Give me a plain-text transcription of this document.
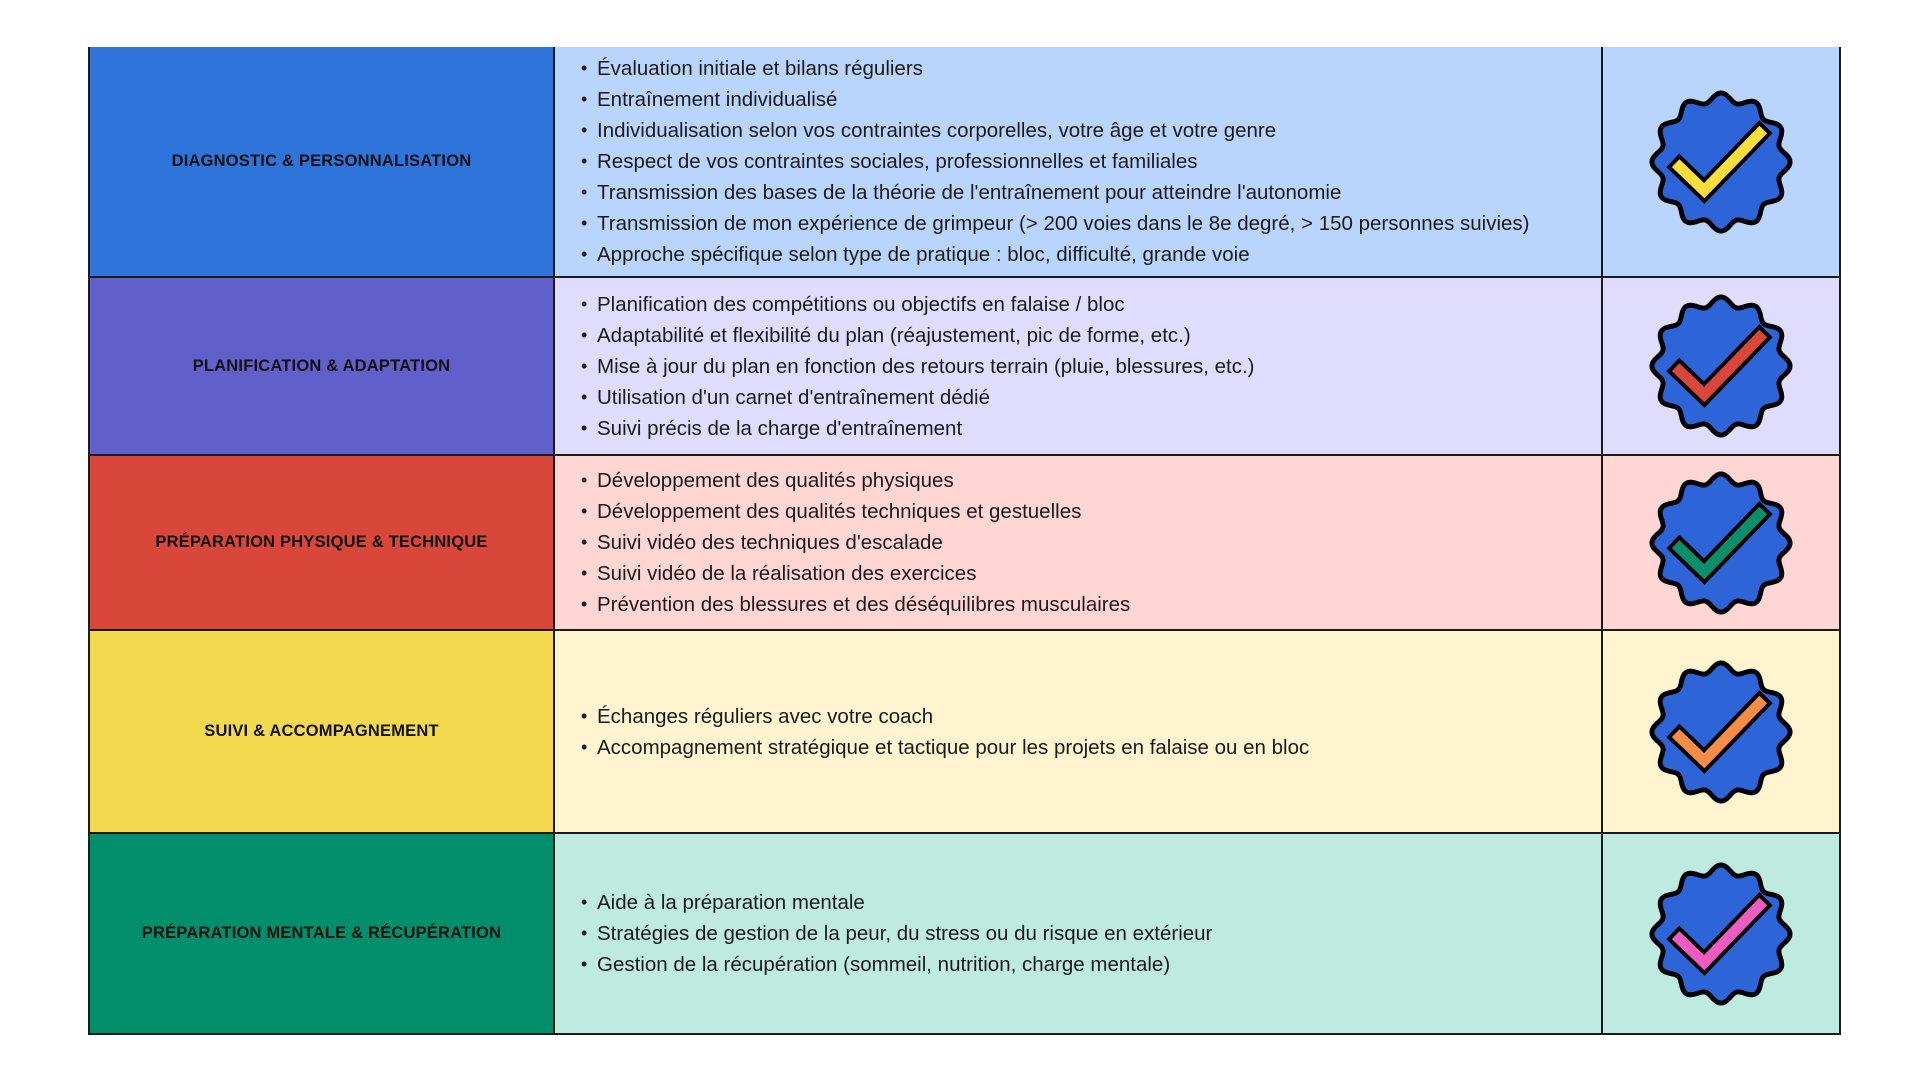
DIAGNOSTIC & PERSONNALISATION
• Évaluation initiale et bilans réguliers
• Entraînement individualisé
• Individualisation selon vos contraintes corporelles, votre âge et votre genre
• Respect de vos contraintes sociales, professionnelles et familiales
• Transmission des bases de la théorie de l'entraînement pour atteindre l'autonomie
• Transmission de mon expérience de grimpeur (> 200 voies dans le 8e degré, > 150 personnes suivies)
• Approche spécifique selon type de pratique : bloc, difficulté, grande voie
PLANIFICATION & ADAPTATION
• Planification des compétitions ou objectifs en falaise / bloc
• Adaptabilité et flexibilité du plan (réajustement, pic de forme, etc.)
• Mise à jour du plan en fonction des retours terrain (pluie, blessures, etc.)
• Utilisation d'un carnet d'entraînement dédié
• Suivi précis de la charge d'entraînement
PRÉPARATION PHYSIQUE & TECHNIQUE
• Développement des qualités physiques
• Développement des qualités techniques et gestuelles
• Suivi vidéo des techniques d'escalade
• Suivi vidéo de la réalisation des exercices
• Prévention des blessures et des déséquilibres musculaires
SUIVI & ACCOMPAGNEMENT
• Échanges réguliers avec votre coach
• Accompagnement stratégique et tactique pour les projets en falaise ou en bloc
PRÉPARATION MENTALE & RÉCUPÉRATION
• Aide à la préparation mentale
• Stratégies de gestion de la peur, du stress ou du risque en extérieur
• Gestion de la récupération (sommeil, nutrition, charge mentale)
